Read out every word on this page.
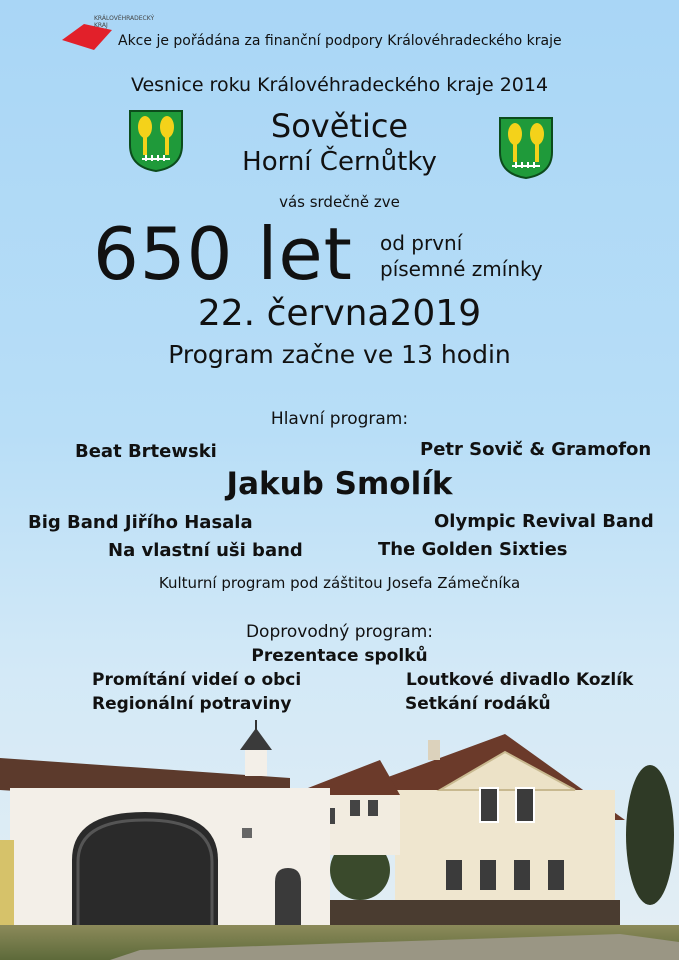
KRÁLOVÉHRADECKÝ KRAJ
Akce je pořádána za finanční podpory Královéhradeckého kraje
Vesnice roku Královéhradeckého kraje 2014
Sovětice
Horní Černůtky
vás srdečně zve
650 let od první
písemné zmínky
22. června2019
Program začne ve 13 hodin
Hlavní program:
Beat Brtewski	Petr Sovič & Gramofon
Jakub Smolík
Big Band Jiřího Hasala	Olympic Revival Band
Na vlastní uši band	The Golden Sixties
Kulturní program pod záštitou Josefa Zámečníka
Doprovodný program:
Prezentace spolků
Promítání videí o obci	Loutkové divadlo Kozlík
Regionální potraviny	Setkání rodáků
